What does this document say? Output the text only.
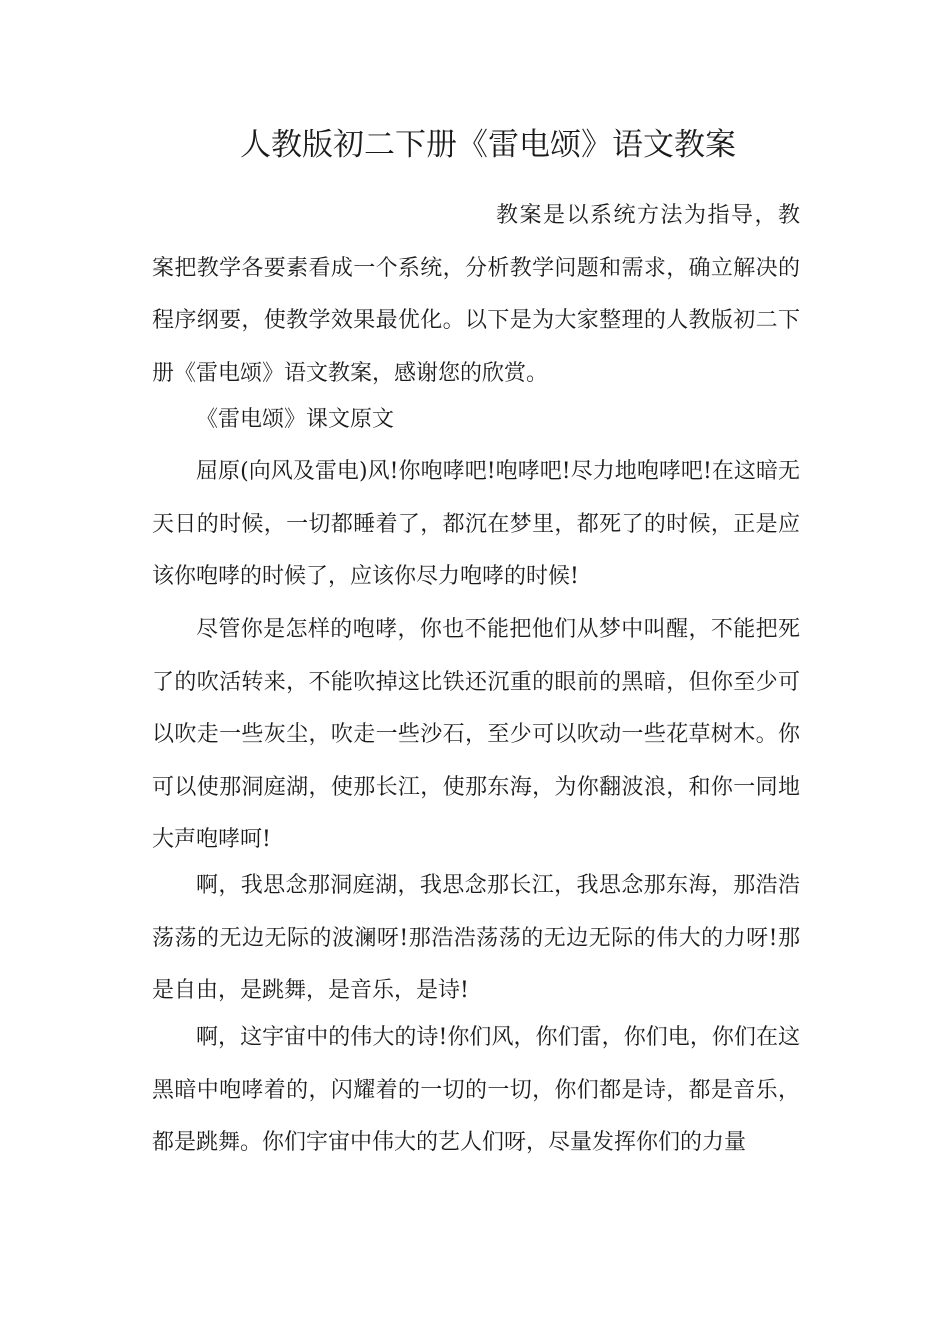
人教版初二下册《雷电颂》语文教案

教案是以系统方法为指导，教案把教学各要素看成一个系统，分析教学问题和需求，确立解决的程序纲要，使教学效果最优化。以下是为大家整理的人教版初二下册《雷电颂》语文教案，感谢您的欣赏。

《雷电颂》课文原文

屈原(向风及雷电)风!你咆哮吧!咆哮吧!尽力地咆哮吧!在这暗无天日的时候，一切都睡着了，都沉在梦里，都死了的时候，正是应该你咆哮的时候了，应该你尽力咆哮的时候!

尽管你是怎样的咆哮，你也不能把他们从梦中叫醒，不能把死了的吹活转来，不能吹掉这比铁还沉重的眼前的黑暗，但你至少可以吹走一些灰尘，吹走一些沙石，至少可以吹动一些花草树木。你可以使那洞庭湖，使那长江，使那东海，为你翻波浪，和你一同地大声咆哮呵!

啊，我思念那洞庭湖，我思念那长江，我思念那东海，那浩浩荡荡的无边无际的波澜呀!那浩浩荡荡的无边无际的伟大的力呀!那是自由，是跳舞，是音乐，是诗!

啊，这宇宙中的伟大的诗!你们风，你们雷，你们电，你们在这黑暗中咆哮着的，闪耀着的一切的一切，你们都是诗，都是音乐，都是跳舞。你们宇宙中伟大的艺人们呀，尽量发挥你们的力量
